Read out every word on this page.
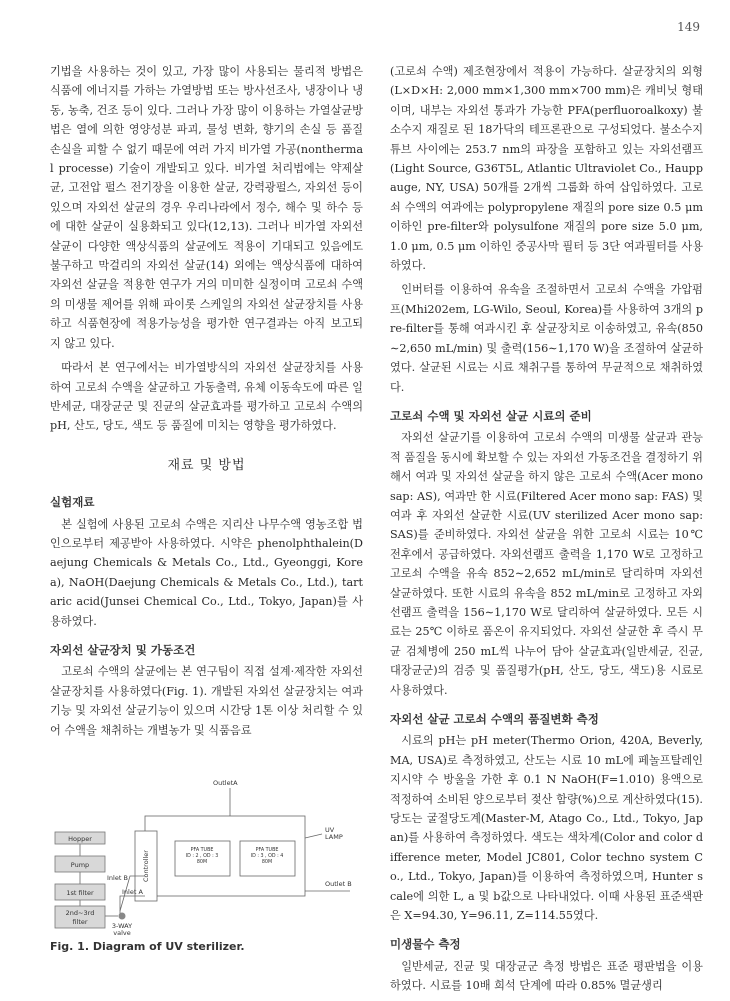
149

기법을 사용하는 것이 있고, 가장 많이 사용되는 물리적 방법은 식품에 에너지를 가하는 가열방법 또는 방사선조사, 냉장이나 냉동, 농축, 건조 등이 있다. 그러나 가장 많이 이용하는 가열살균방법은 열에 의한 영양성분 파괴, 물성 변화, 향기의 손실 등 품질 손실을 피할 수 없기 때문에 여러 가지 비가열 가공(nonthermal processe) 기술이 개발되고 있다. 비가열 처리법에는 약제살균, 고전압 펄스 전기장을 이용한 살균, 강력광펄스, 자외선 등이 있으며 자외선 살균의 경우 우리나라에서 정수, 해수 및 하수 등에 대한 살균이 실용화되고 있다(12,13). 그러나 비가열 자외선살균이 다양한 액상식품의 살균에도 적용이 기대되고 있음에도 불구하고 막걸리의 자외선 살균(14) 외에는 액상식품에 대하여 자외선 살균을 적용한 연구가 거의 미미한 실정이며 고로쇠 수액의 미생물 제어를 위해 파이롯 스케일의 자외선 살균장치를 사용하고 식품현장에 적용가능성을 평가한 연구결과는 아직 보고되지 않고 있다.

따라서 본 연구에서는 비가열방식의 자외선 살균장치를 사용하여 고로쇠 수액을 살균하고 가동출력, 유체 이동속도에 따른 일반세균, 대장균군 및 진균의 살균효과를 평가하고 고로쇠 수액의 pH, 산도, 당도, 색도 등 품질에 미치는 영향을 평가하였다.

재료 및 방법
실험재료

본 실험에 사용된 고로쇠 수액은 지리산 나무수액 영농조합 법인으로부터 제공받아 사용하였다. 시약은 phenolphthalein(Daejung Chemicals & Metals Co., Ltd., Gyeonggi, Korea), NaOH(Daejung Chemicals & Metals Co., Ltd.), tartaric acid(Junsei Chemical Co., Ltd., Tokyo, Japan)를 사용하였다.

자외선 살균장치 및 가동조건

고로쇠 수액의 살균에는 본 연구팀이 직접 설계·제작한 자외선 살균장치를 사용하였다(Fig. 1). 개발된 자외선 살균장치는 여과기능 및 자외선 살균기능이 있으며 시간당 1톤 이상 처리할 수 있어 수액을 채취하는 개별농가 및 식품음료

(고로쇠 수액) 제조현장에서 적용이 가능하다. 살균장치의 외형(L×D×H: 2,000 mm×1,300 mm×700 mm)은 캐비닛 형태이며, 내부는 자외선 통과가 가능한 PFA(perfluoroalkoxy) 불소수지 재질로 된 18가닥의 테프론관으로 구성되었다. 불소수지튜브 사이에는 253.7 nm의 파장을 포함하고 있는 자외선램프(Light Source, G36T5L, Atlantic Ultraviolet Co., Hauppauge, NY, USA) 50개를 2개씩 그룹화 하여 삽입하였다. 고로쇠 수액의 여과에는 polypropylene 재질의 pore size 0.5 μm 이하인 pre-filter와 polysulfone 재질의 pore size 5.0 μm, 1.0 μm, 0.5 μm 이하인 중공사막 필터 등 3단 여과필터를 사용하였다.

인버터를 이용하여 유속을 조절하면서 고로쇠 수액을 가압펌프(Mhi202em, LG-Wilo, Seoul, Korea)를 사용하여 3개의 pre-filter를 통해 여과시킨 후 살균장치로 이송하였고, 유속(850∼2,650 mL/min) 및 출력(156∼1,170 W)을 조절하여 살균하였다. 살균된 시료는 시료 채취구를 통하여 무균적으로 채취하였다.

고로쇠 수액 및 자외선 살균 시료의 준비

자외선 살균기를 이용하여 고로쇠 수액의 미생물 살균과 관능적 품질을 동시에 확보할 수 있는 자외선 가동조건을 결정하기 위해서 여과 및 자외선 살균을 하지 않은 고로쇠 수액(Acer mono sap: AS), 여과만 한 시료(Filtered Acer mono sap: FAS) 및 여과 후 자외선 살균한 시료(UV sterilized Acer mono sap: SAS)를 준비하였다. 자외선 살균을 위한 고로쇠 시료는 10℃ 전후에서 공급하였다. 자외선램프 출력을 1,170 W로 고정하고 고로쇠 수액을 유속 852∼2,652 mL/min로 달리하며 자외선 살균하였다. 또한 시료의 유속을 852 mL/min로 고정하고 자외선램프 출력을 156∼1,170 W로 달리하여 살균하였다. 모든 시료는 25℃ 이하로 품온이 유지되었다. 자외선 살균한 후 즉시 무균 검체병에 250 mL씩 나누어 담아 살균효과(일반세균, 진균, 대장균군)의 검증 및 품질평가(pH, 산도, 당도, 색도)용 시료로 사용하였다.

자외선 살균 고로쇠 수액의 품질변화 측정

시료의 pH는 pH meter(Thermo Orion, 420A, Beverly, MA, USA)로 측정하였고, 산도는 시료 10 mL에 페놀프탈레인 지시약 수 방울을 가한 후 0.1 N NaOH(F=1.010) 용액으로 적정하여 소비된 양으로부터 젖산 함량(%)으로 계산하였다(15). 당도는 굴절당도계(Master-M, Atago Co., Ltd., Tokyo, Japan)를 사용하여 측정하였다. 색도는 색차계(Color and color difference meter, Model JC801, Color techno system Co., Ltd., Tokyo, Japan)를 이용하여 측정하였으며, Hunter scale에 의한 L, a 및 b값으로 나타내었다. 이때 사용된 표준색판은 X=94.30, Y=96.11, Z=114.55였다.

미생물수 측정

일반세균, 진균 및 대장균군 측정 방법은 표준 평판법을 이용하였다. 시료를 10배 희석 단계에 따라 0.85% 멸균생리

Hopper
Pump
1st filter
2nd~3rd
filter	3-WAY
valve
Inlet A
Inlet B
OutletA
Outlet B
UV
LAMP
Controller	PFA TUBE
ID : 2 , OD : 3
80M
PFA TUBE
ID : 3 , OD : 4
80M
Fig. 1. Diagram of UV sterilizer.
